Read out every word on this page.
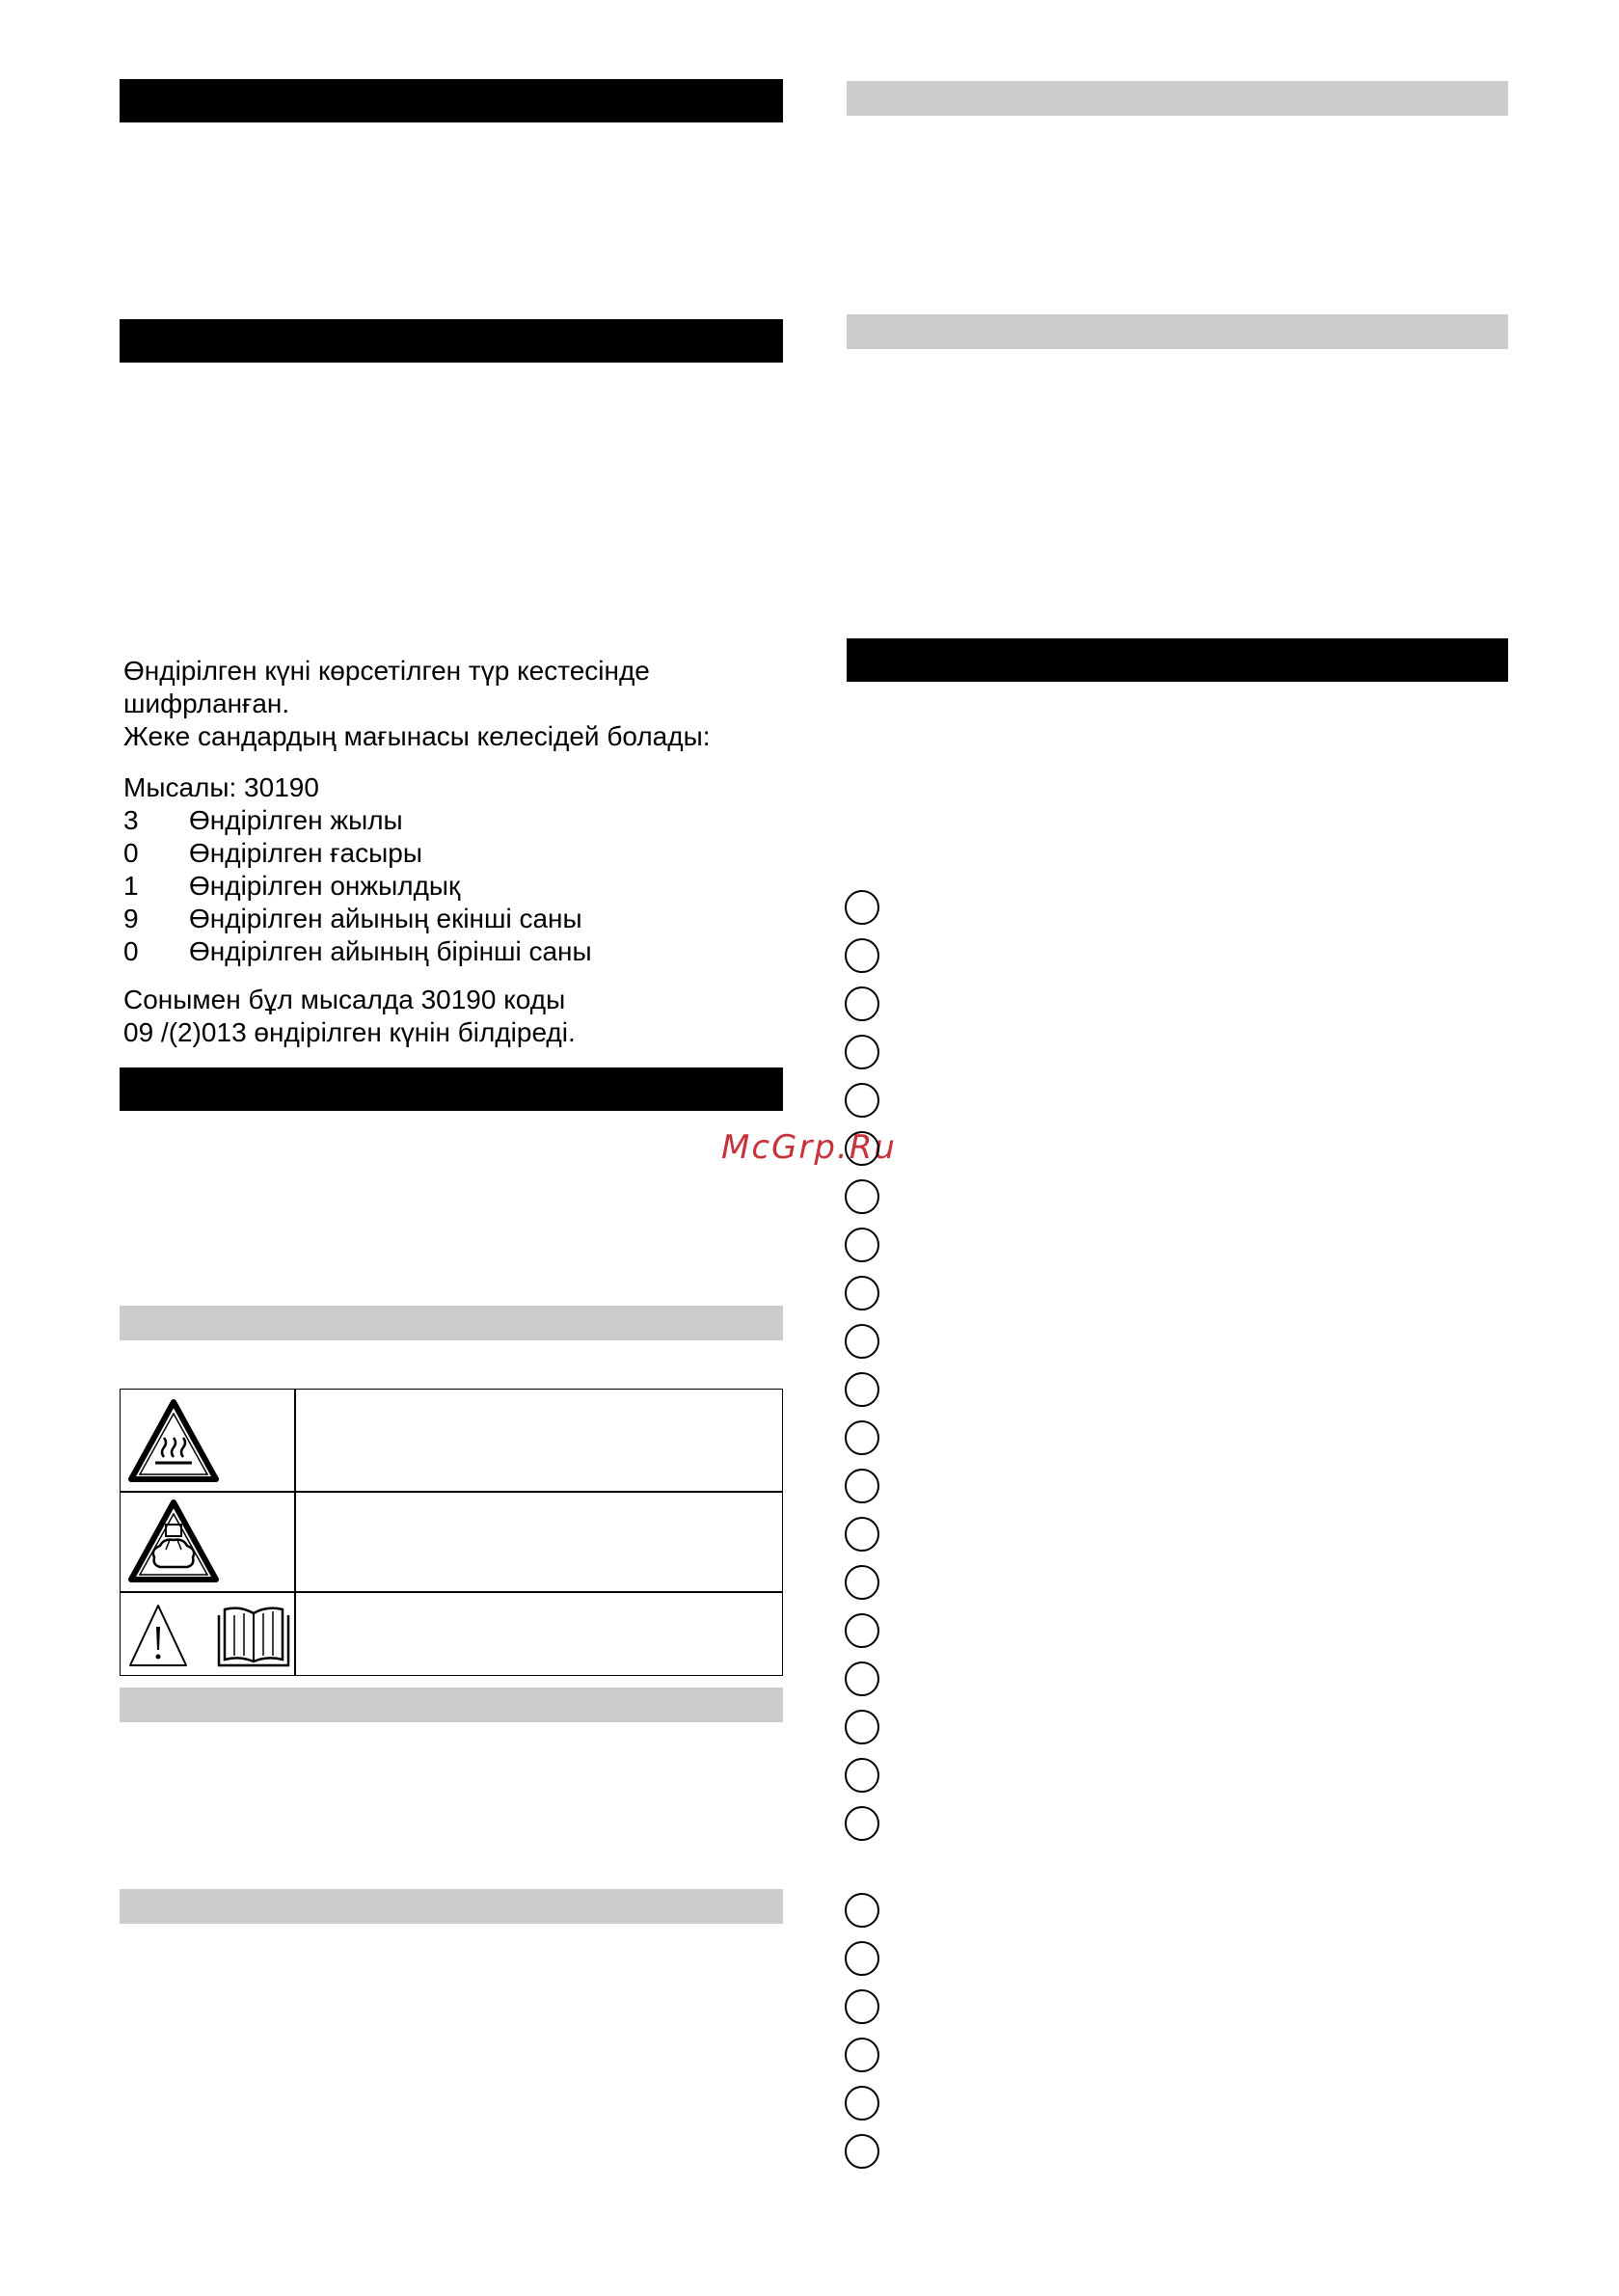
Өндірілген күні көрсетілген түр кестесінде
шифрланған.
Жеке сандардың мағынасы келесідей болады:
Мысалы: 30190
3 Өндірілген жылы
0 Өндірілген ғасыры
1 Өндірілген онжылдық
9 Өндірілген айының екінші саны
0 Өндірілген айының бірінші саны
Сонымен бұл мысалда 30190 коды
09 /(2)013 өндірілген күнін білдіреді.
McGrp.Ru
